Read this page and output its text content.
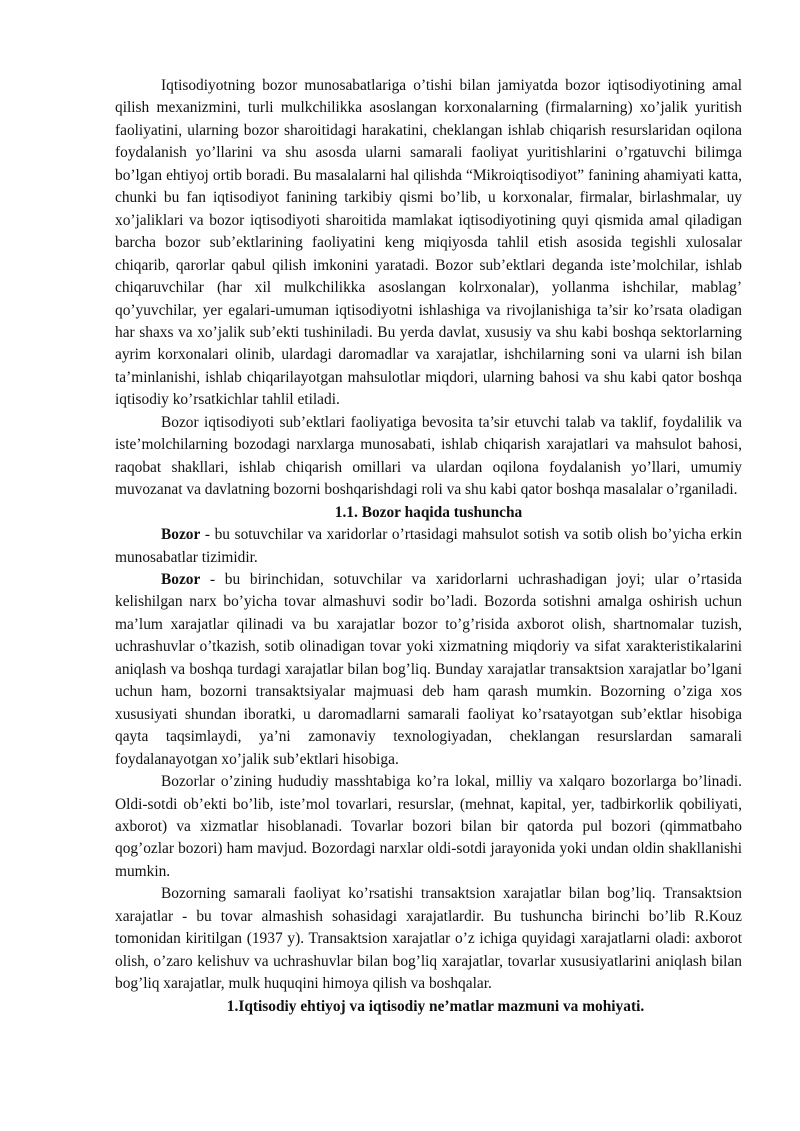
Iqtisodiyotning bozor munosabatlariga o’tishi bilan jamiyatda bozor iqtisodiyotining amal qilish mexanizmini, turli mulkchilikka asoslangan korxonalarning (firmalarning) xo’jalik yuritish faoliyatini, ularning bozor sharoitidagi harakatini, cheklangan ishlab chiqarish resurslaridan oqilona foydalanish yo’llarini va shu asosda ularni samarali faoliyat yuritishlarini o’rgatuvchi bilimga bo’lgan ehtiyoj ortib boradi. Bu masalalarni hal qilishda “Mikroiqtisodiyot” fanining ahamiyati katta, chunki bu fan iqtisodiyot fanining tarkibiy qismi bo’lib, u korxonalar, firmalar, birlashmalar, uy xo’jaliklari va bozor iqtisodiyoti sharoitida mamlakat iqtisodiyotining quyi qismida amal qiladigan barcha bozor sub’ektlarining faoliyatini keng miqiyosda tahlil etish asosida tegishli xulosalar chiqarib, qarorlar qabul qilish imkonini yaratadi. Bozor sub’ektlari deganda iste’molchilar, ishlab chiqaruvchilar (har xil mulkchilikka asoslangan kolrxonalar), yollanma ishchilar, mablag’ qo’yuvchilar, yer egalari-umuman iqtisodiyotni ishlashiga va rivojlanishiga ta’sir ko’rsata oladigan har shaxs va xo’jalik sub’ekti tushiniladi. Bu yerda davlat, xususiy va shu kabi boshqa sektorlarning ayrim korxonalari olinib, ulardagi daromadlar va xarajatlar, ishchilarning soni va ularni ish bilan ta’minlanishi, ishlab chiqarilayotgan mahsulotlar miqdori, ularning bahosi va shu kabi qator boshqa iqtisodiy ko’rsatkichlar tahlil etiladi.

Bozor iqtisodiyoti sub’ektlari faoliyatiga bevosita ta’sir etuvchi talab va taklif, foydalilik va iste’molchilarning bozodagi narxlarga munosabati, ishlab chiqarish xarajatlari va mahsulot bahosi, raqobat shakllari, ishlab chiqarish omillari va ulardan oqilona foydalanish yo’llari, umumiy muvozanat va davlatning bozorni boshqarishdagi roli va shu kabi qator boshqa masalalar o’rganiladi.

1.1. Bozor haqida tushuncha

Bozor - bu sotuvchilar va xaridorlar o’rtasidagi mahsulot sotish va sotib olish bo’yicha erkin munosabatlar tizimidir.

Bozor - bu birinchidan, sotuvchilar va xaridorlarni uchrashadigan joyi; ular o’rtasida kelishilgan narx bo’yicha tovar almashuvi sodir bo’ladi. Bozorda sotishni amalga oshirish uchun ma’lum xarajatlar qilinadi va bu xarajatlar bozor to’g’risida axborot olish, shartnomalar tuzish, uchrashuvlar o’tkazish, sotib olinadigan tovar yoki xizmatning miqdoriy va sifat xarakteristikalarini aniqlash va boshqa turdagi xarajatlar bilan bog’liq. Bunday xarajatlar transaktsion xarajatlar bo’lgani uchun ham, bozorni transaktsiyalar majmuasi deb ham qarash mumkin. Bozorning o’ziga xos xususiyati shundan iboratki, u daromadlarni samarali faoliyat ko’rsatayotgan sub’ektlar hisobiga qayta taqsimlaydi, ya’ni zamonaviy texnologiyadan, cheklangan resurslardan samarali foydalanayotgan xo’jalik sub’ektlari hisobiga.

Bozorlar o’zining hududiy masshtabiga ko’ra lokal, milliy va xalqaro bozorlarga bo’linadi. Oldi-sotdi ob’ekti bo’lib, iste’mol tovarlari, resurslar, (mehnat, kapital, yer, tadbirkorlik qobiliyati, axborot) va xizmatlar hisoblanadi. Tovarlar bozori bilan bir qatorda pul bozori (qimmatbaho qog’ozlar bozori) ham mavjud. Bozordagi narxlar oldi-sotdi jarayonida yoki undan oldin shakllanishi mumkin.

Bozorning samarali faoliyat ko’rsatishi transaktsion xarajatlar bilan bog’liq. Transaktsion xarajatlar - bu tovar almashish sohasidagi xarajatlardir. Bu tushuncha birinchi bo’lib R.Kouz tomonidan kiritilgan (1937 y). Transaktsion xarajatlar o’z ichiga quyidagi xarajatlarni oladi: axborot olish, o’zaro kelishuv va uchrashuvlar bilan bog’liq xarajatlar, tovarlar xususiyatlarini aniqlash bilan bog’liq xarajatlar, mulk huquqini himoya qilish va boshqalar.

1.Iqtisodiy ehtiyoj va iqtisodiy ne’matlar mazmuni va mohiyati.
